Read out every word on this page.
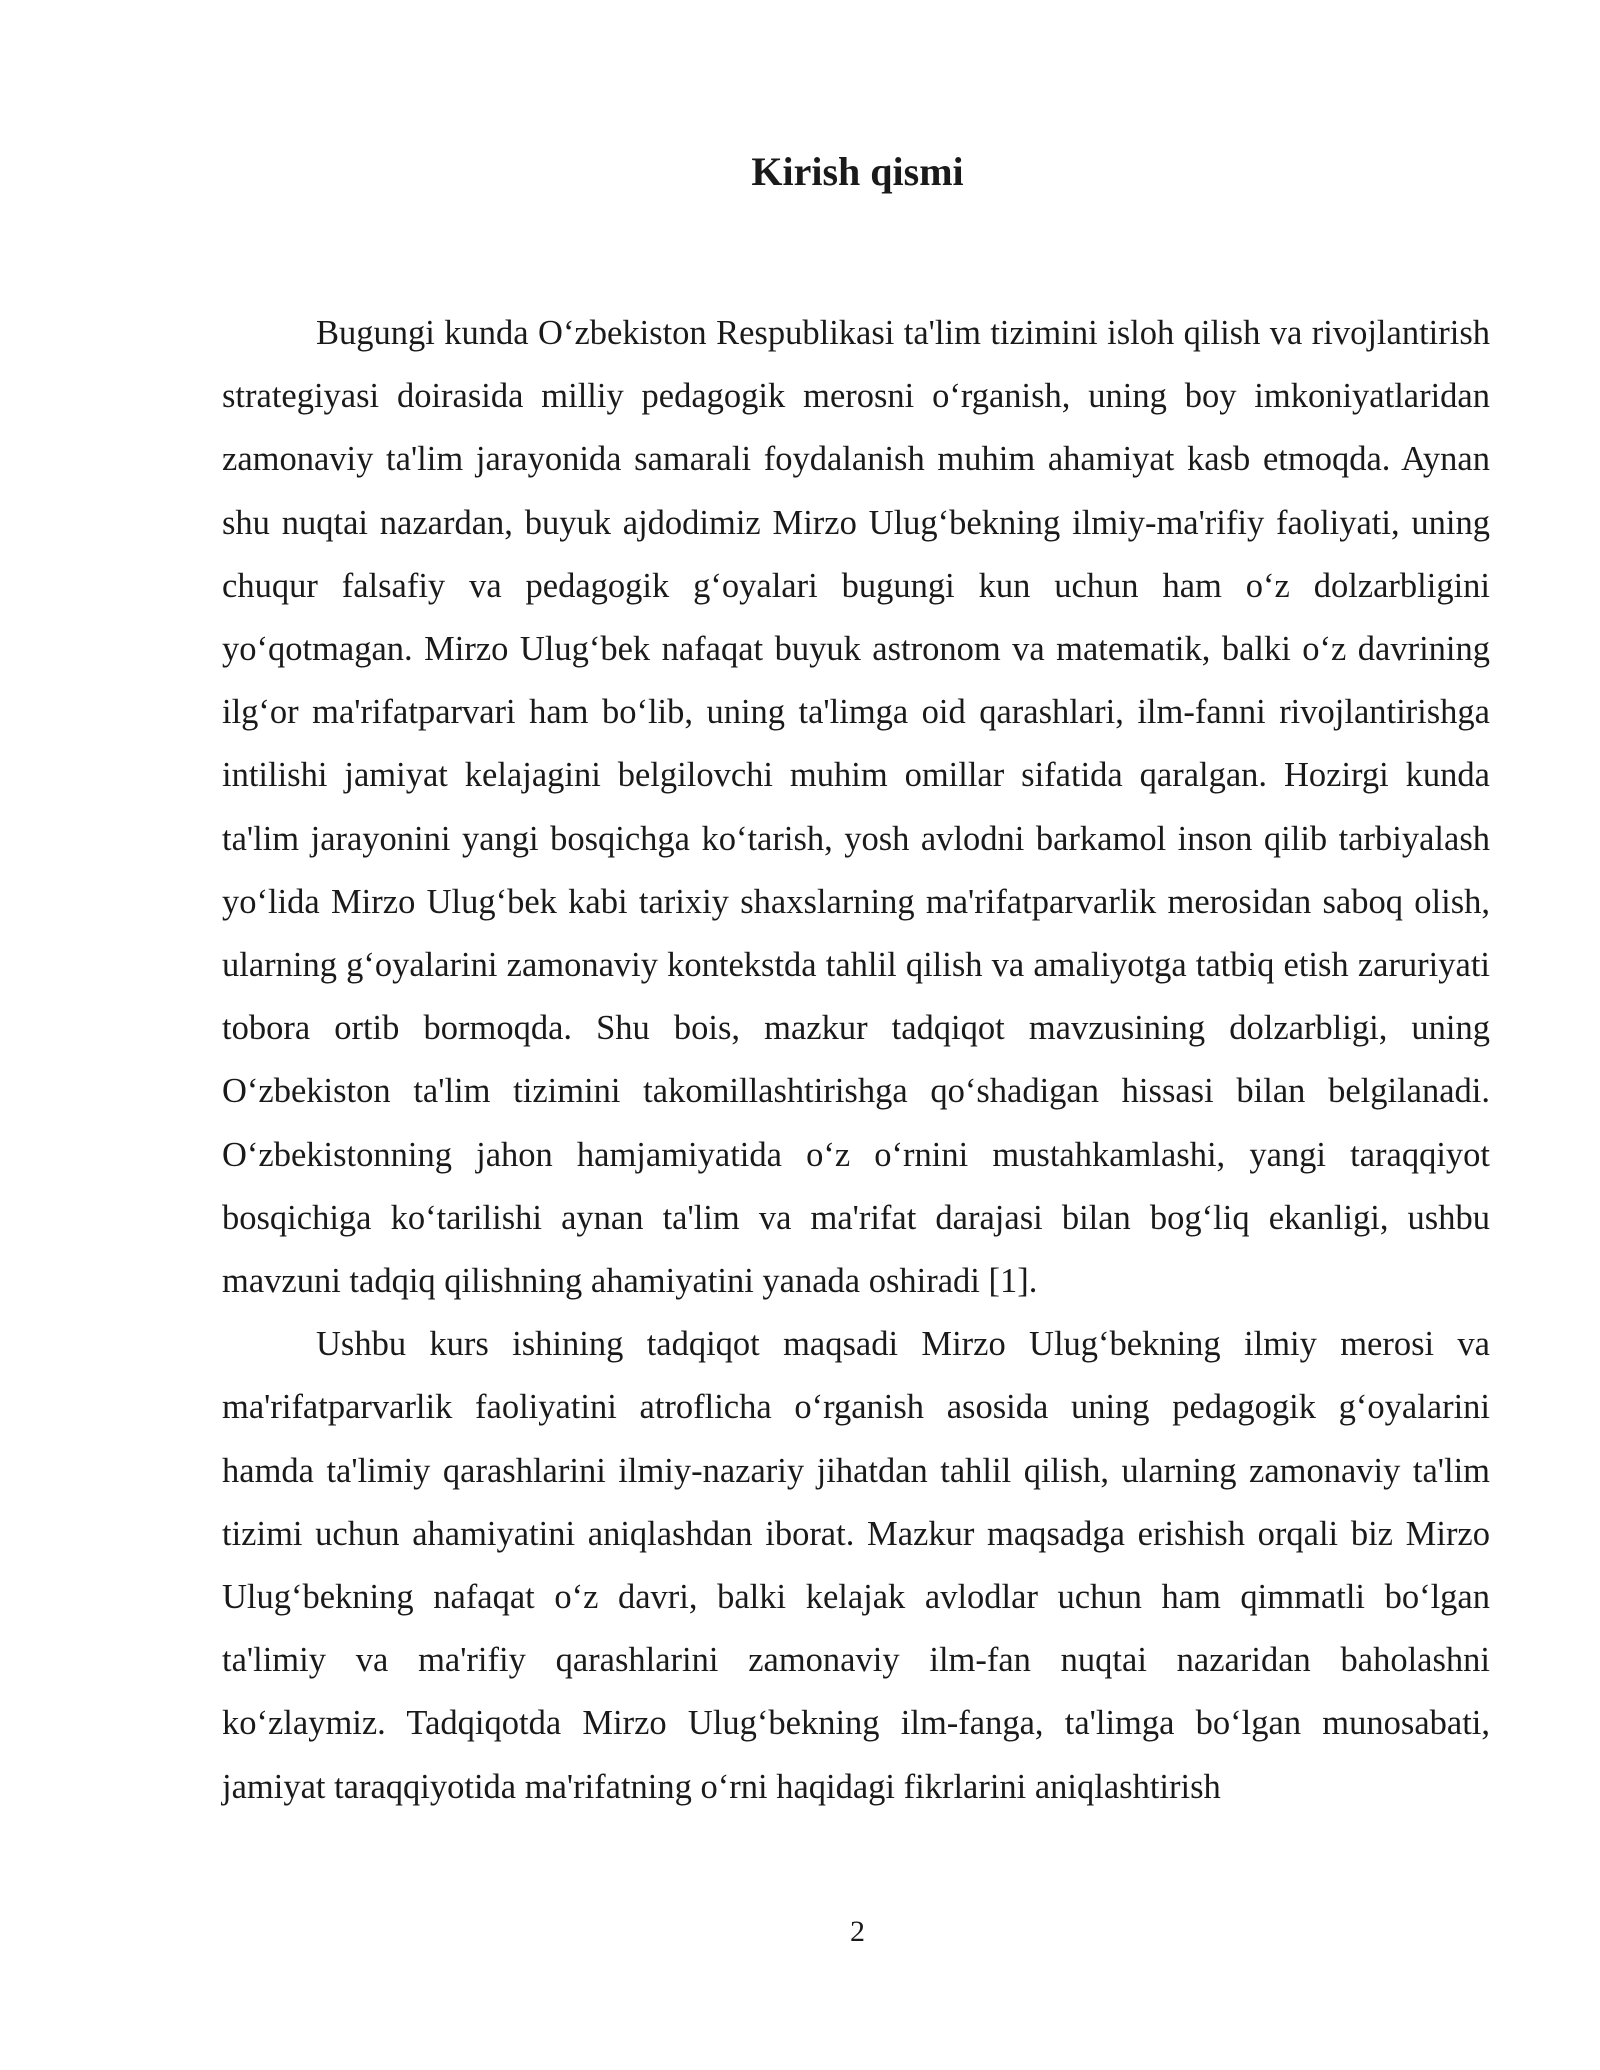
Kirish qismi

Bugungi kunda O‘zbekiston Respublikasi ta'lim tizimini isloh qilish va rivojlantirish strategiyasi doirasida milliy pedagogik merosni o‘rganish, uning boy imkoniyatlaridan zamonaviy ta'lim jarayonida samarali foydalanish muhim ahamiyat kasb etmoqda. Aynan shu nuqtai nazardan, buyuk ajdodimiz Mirzo Ulug‘bekning ilmiy-ma'rifiy faoliyati, uning chuqur falsafiy va pedagogik g‘oyalari bugungi kun uchun ham o‘z dolzarbligini yo‘qotmagan. Mirzo Ulug‘bek nafaqat buyuk astronom va matematik, balki o‘z davrining ilg‘or ma'rifatparvari ham bo‘lib, uning ta'limga oid qarashlari, ilm-fanni rivojlantirishga intilishi jamiyat kelajagini belgilovchi muhim omillar sifatida qaralgan. Hozirgi kunda ta'lim jarayonini yangi bosqichga ko‘tarish, yosh avlodni barkamol inson qilib tarbiyalash yo‘lida Mirzo Ulug‘bek kabi tarixiy shaxslarning ma'rifatparvarlik merosidan saboq olish, ularning g‘oyalarini zamonaviy kontekstda tahlil qilish va amaliyotga tatbiq etish zaruriyati tobora ortib bormoqda. Shu bois, mazkur tadqiqot mavzusining dolzarbligi, uning O‘zbekiston ta'lim tizimini takomillashtirishga qo‘shadigan hissasi bilan belgilanadi. O‘zbekistonning jahon hamjamiyatida o‘z o‘rnini mustahkamlashi, yangi taraqqiyot bosqichiga ko‘tarilishi aynan ta'lim va ma'rifat darajasi bilan bog‘liq ekanligi, ushbu mavzuni tadqiq qilishning ahamiyatini yanada oshiradi [1].

Ushbu kurs ishining tadqiqot maqsadi Mirzo Ulug‘bekning ilmiy merosi va ma'rifatparvarlik faoliyatini atroflicha o‘rganish asosida uning pedagogik g‘oyalarini hamda ta'limiy qarashlarini ilmiy-nazariy jihatdan tahlil qilish, ularning zamonaviy ta'lim tizimi uchun ahamiyatini aniqlashdan iborat. Mazkur maqsadga erishish orqali biz Mirzo Ulug‘bekning nafaqat o‘z davri, balki kelajak avlodlar uchun ham qimmatli bo‘lgan ta'limiy va ma'rifiy qarashlarini zamonaviy ilm-fan nuqtai nazaridan baholashni ko‘zlaymiz. Tadqiqotda Mirzo Ulug‘bekning ilm-fanga, ta'limga bo‘lgan munosabati, jamiyat taraqqiyotida ma'rifatning o‘rni haqidagi fikrlarini aniqlashtirish

2
